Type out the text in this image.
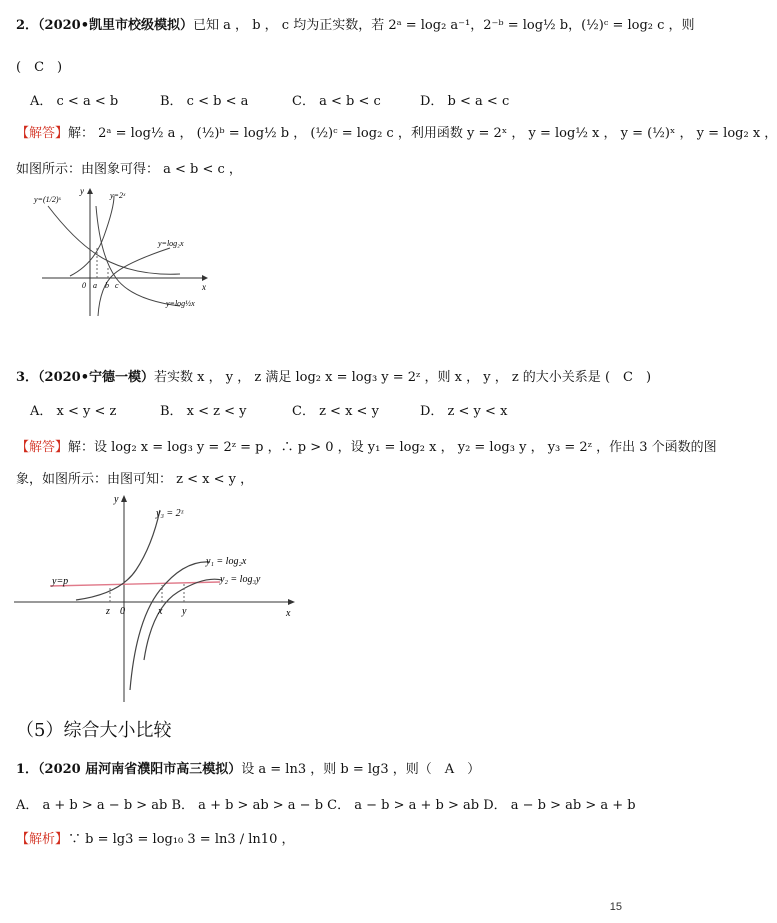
2．（2020•凯里市校级模拟）已知 a ， b ， c 均为正实数，若 2ᵃ = log₂ a⁻¹，2⁻ᵇ = log½ b，(½)ᶜ = log₂ c ，则
(　C　)
A． c < a < b	B． c < b < a	C． a < b < c	D． b < a < c
【解答】解： 2ᵃ = log½ a ， (½)ᵇ = log½ b ， (½)ᶜ = log₂ c ，利用函数 y = 2ˣ ， y = log½ x ， y = (½)ˣ ， y = log₂ x ，
如图所示：由图象可得： a < b < c ，
y=(1/2)ˣ
y	y=2ˣ
y=log₂x
0 a b c	x
y=log½x
3．（2020•宁德一模）若实数 x ， y ， z 满足 log₂ x = log₃ y = 2ᶻ ，则 x ， y ， z 的大小关系是 (　C　)
A． x < y < z	B． x < z < y	C． z < x < y	D． z < y < x
【解答】解：设 log₂ x = log₃ y = 2ᶻ = p ，∴ p > 0 ，设 y₁ = log₂ x ， y₂ = log₃ y ， y₃ = 2ᶻ ，作出 3 个函数的图
象，如图所示：由图可知： z < x < y ，
y
y₃ = 2ᶻ
y₁ = log₂x
y₂ = log₃y
y=p
z 0	x y	x
（5）综合大小比较
1．（2020 届河南省濮阳市高三模拟）设 a = ln3 ，则 b = lg3 ，则（　A　）
A． a + b > a − b > ab B． a + b > ab > a − b C． a − b > a + b > ab D． a − b > ab > a + b
【解析】∵ b = lg3 = log₁₀ 3 = ln3 / ln10 ，
15
